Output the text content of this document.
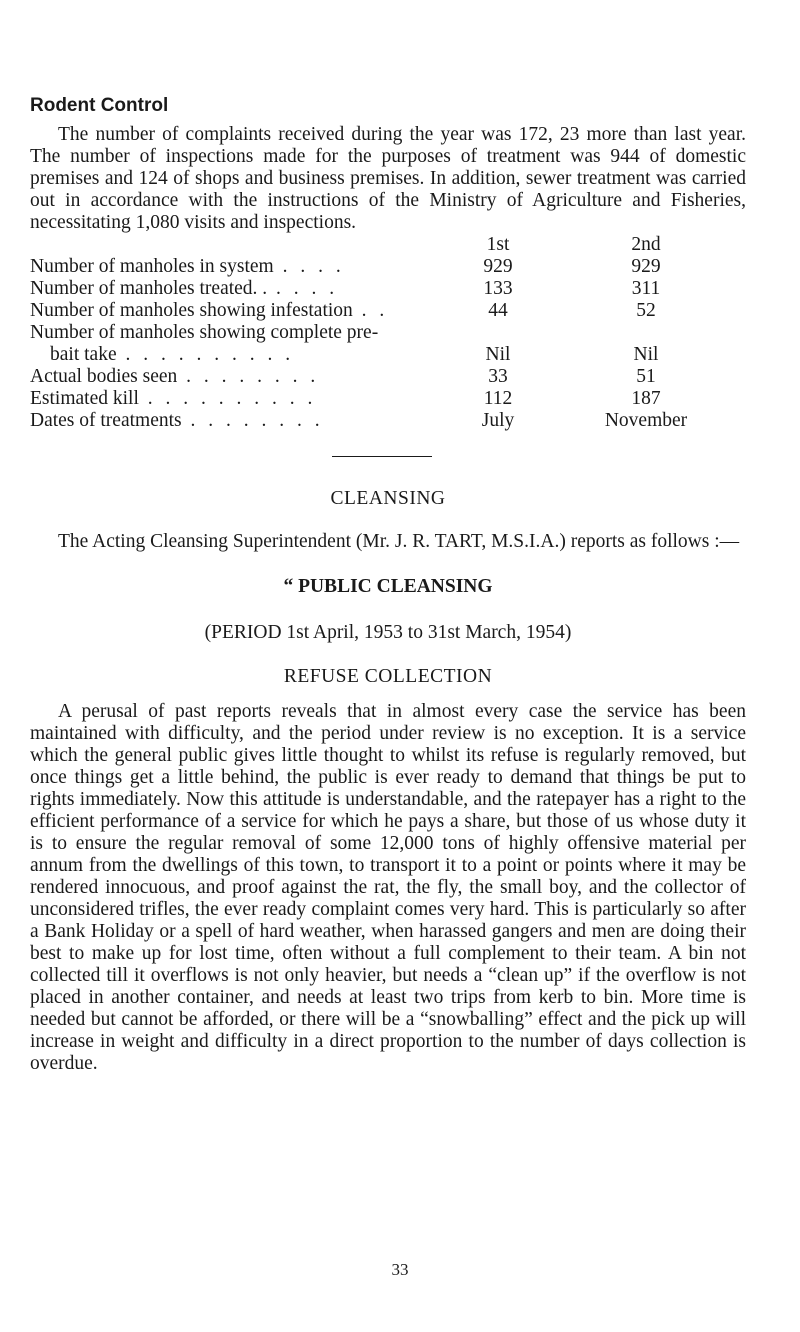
Rodent Control

The number of complaints received during the year was 172, 23 more than last year. The number of inspections made for the purposes of treatment was 944 of domestic premises and 124 of shops and business premises. In addition, sewer treatment was carried out in accordance with the instructions of the Ministry of Agriculture and Fisheries, necessitating 1,080 visits and inspections.

	1st	2nd
Number of manholes in system . . . .	929	929
Number of manholes treated. . . . . .	133	311
Number of manholes showing infestation . .	44	52
Number of manholes showing complete pre-		
bait take . . . . . . . . . .	Nil	Nil
Actual bodies seen . . . . . . . .	33	51
Estimated kill . . . . . . . . . .	112	187
Dates of treatments . . . . . . . .	July	November

CLEANSING

The Acting Cleansing Superintendent (Mr. J. R. TART, M.S.I.A.) reports as follows :—

“ PUBLIC CLEANSING

(PERIOD 1st April, 1953 to 31st March, 1954)

REFUSE COLLECTION

A perusal of past reports reveals that in almost every case the service has been maintained with difficulty, and the period under review is no exception. It is a service which the general public gives little thought to whilst its refuse is regularly removed, but once things get a little behind, the public is ever ready to demand that things be put to rights immediately. Now this attitude is understandable, and the ratepayer has a right to the efficient performance of a service for which he pays a share, but those of us whose duty it is to ensure the regular removal of some 12,000 tons of highly offensive material per annum from the dwellings of this town, to transport it to a point or points where it may be rendered innocuous, and proof against the rat, the fly, the small boy, and the collector of unconsidered trifles, the ever ready complaint comes very hard. This is particularly so after a Bank Holiday or a spell of hard weather, when harassed gangers and men are doing their best to make up for lost time, often without a full complement to their team. A bin not collected till it overflows is not only heavier, but needs a “clean up” if the overflow is not placed in another container, and needs at least two trips from kerb to bin. More time is needed but cannot be afforded, or there will be a “snowballing” effect and the pick up will increase in weight and difficulty in a direct proportion to the number of days collection is overdue.

33
